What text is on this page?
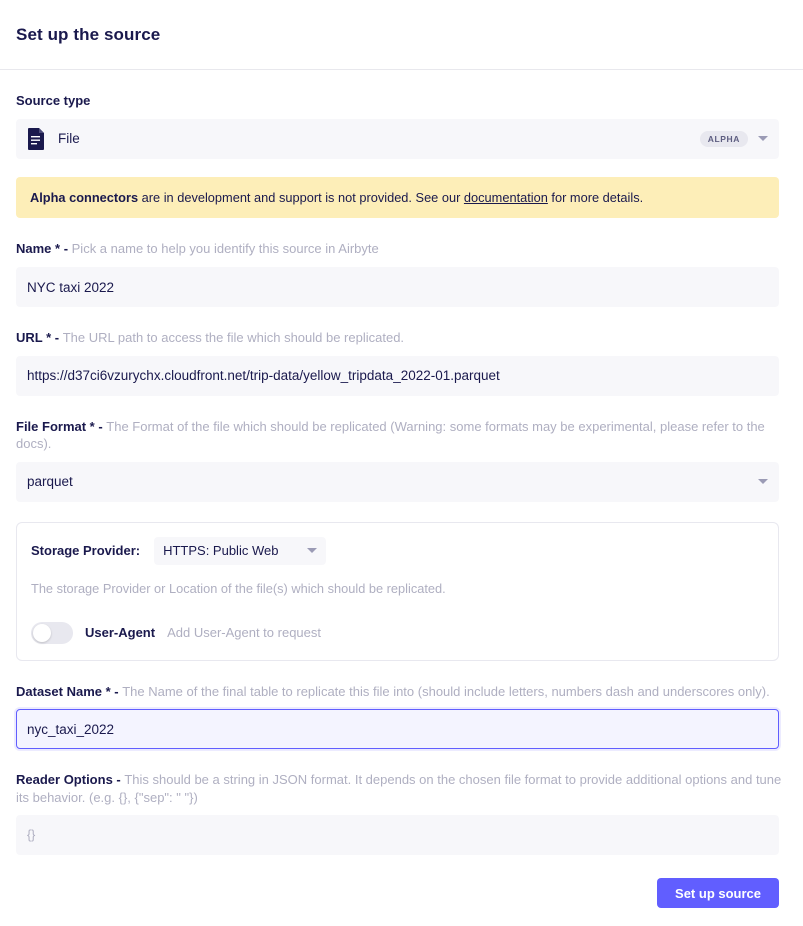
Set up the source
Source type
File	ALPHA
Alpha connectors are in development and support is not provided. See our documentation for more details.
Name * - Pick a name to help you identify this source in Airbyte
NYC taxi 2022
URL * - The URL path to access the file which should be replicated.
https://d37ci6vzurychx.cloudfront.net/trip-data/yellow_tripdata_2022-01.parquet
File Format * - The Format of the file which should be replicated (Warning: some formats may be experimental, please refer to the docs).
parquet
Storage Provider: HTTPS: Public Web
The storage Provider or Location of the file(s) which should be replicated.
User-Agent Add User-Agent to request
Dataset Name * - The Name of the final table to replicate this file into (should include letters, numbers dash and underscores only).
nyc_taxi_2022
Reader Options - This should be a string in JSON format. It depends on the chosen file format to provide additional options and tune its behavior. (e.g. {}, {"sep": " "})
{}
Set up source
